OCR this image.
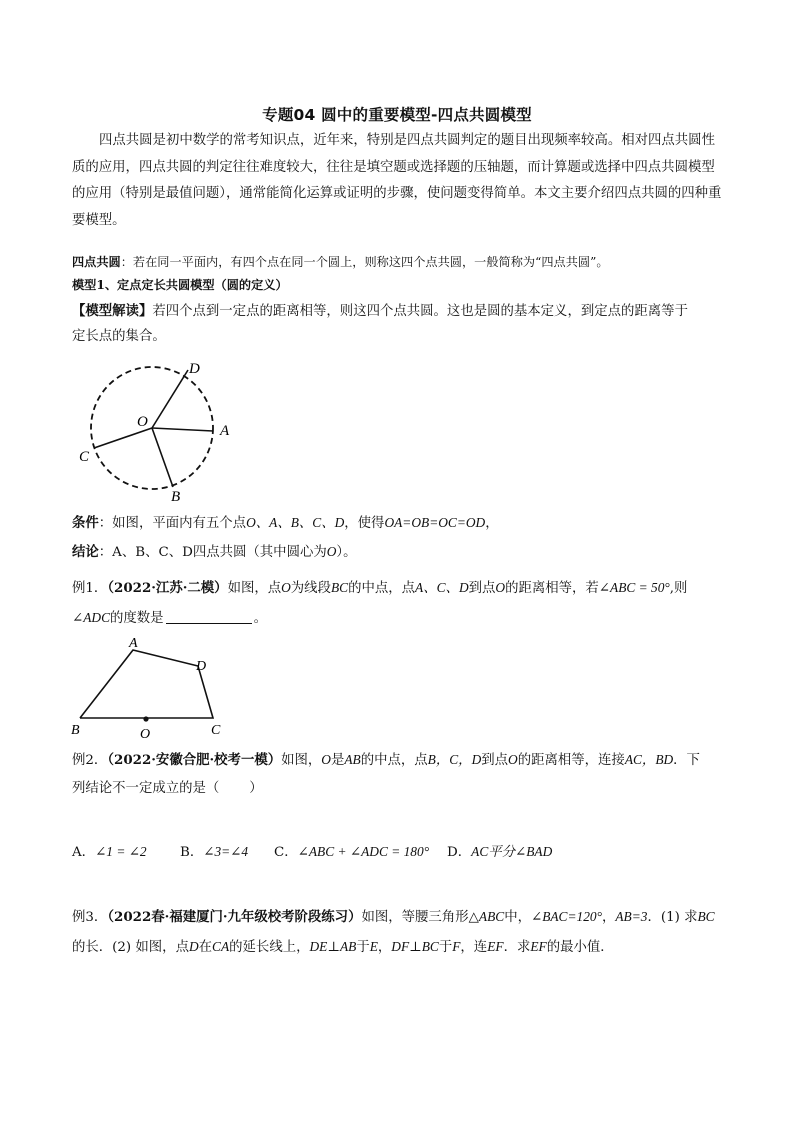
专题04 圆中的重要模型-四点共圆模型
四点共圆是初中数学的常考知识点，近年来，特别是四点共圆判定的题目出现频率较高。相对四点共圆性质的应用，四点共圆的判定往往难度较大，往往是填空题或选择题的压轴题，而计算题或选择中四点共圆模型的应用（特别是最值问题），通常能简化运算或证明的步骤，使问题变得简单。本文主要介绍四点共圆的四种重要模型。
四点共圆：若在同一平面内，有四个点在同一个圆上，则称这四个点共圆，一般简称为“四点共圆”。
模型1、定点定长共圆模型（圆的定义）
【模型解读】若四个点到一定点的距离相等，则这四个点共圆。这也是圆的基本定义，到定点的距离等于
定长点的集合。
O
D
A
C
B
条件：如图，平面内有五个点O、A、B、C、D，使得OA=OB=OC=OD，
结论：A、B、C、D四点共圆（其中圆心为O）。
例1．（2022·江苏·二模）如图，点O为线段BC的中点，点A、C、D到点O的距离相等，若∠ABC = 50°,则
∠ADC的度数是	。
A
D
B	C
O
例2．（2022·安徽合肥·校考一模）如图，O是AB的中点，点B，C，D到点O的距离相等，连接AC，BD．下
列结论不一定成立的是（ ）
A．∠1 = ∠2 B．∠3=∠4 C．∠ABC + ∠ADC = 180° D．AC平分∠BAD
例3．（2022春·福建厦门·九年级校考阶段练习）如图，等腰三角形△ABC中，∠BAC=120°，AB=3．(1) 求BC
的长．(2) 如图，点D在CA的延长线上，DE⊥AB于E，DF⊥BC于F，连EF．求EF的最小值．
